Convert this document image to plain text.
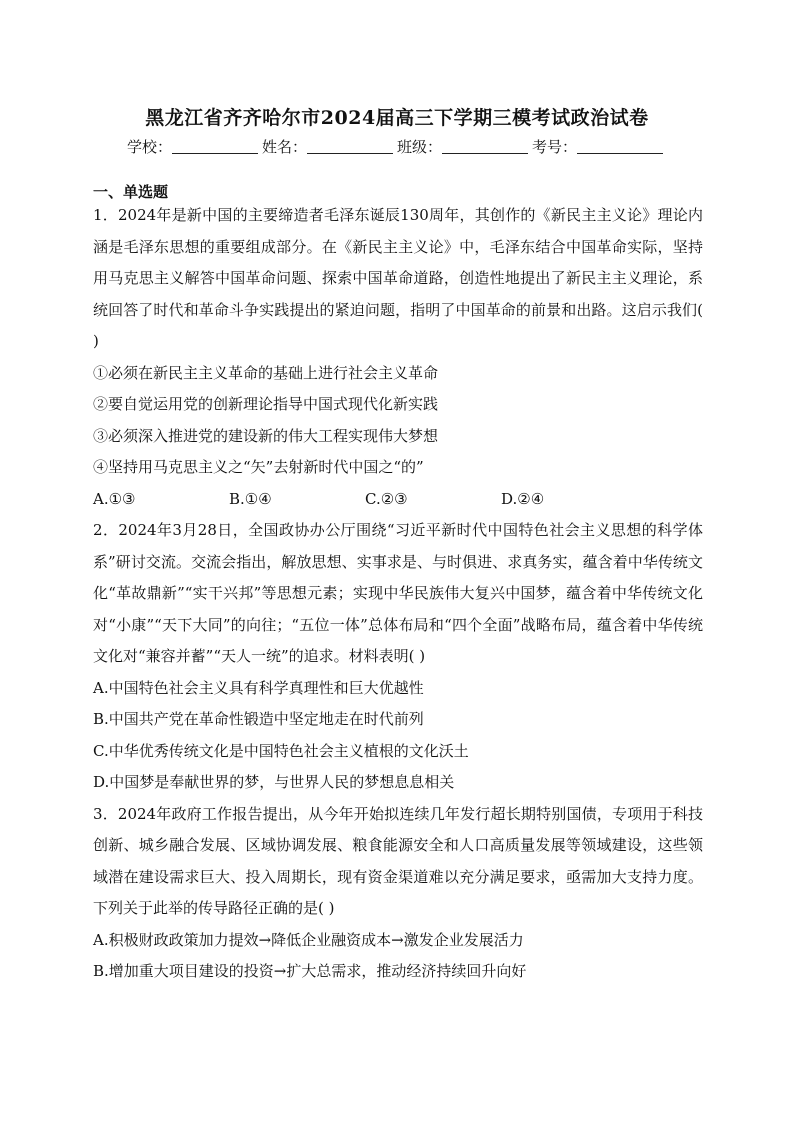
黑龙江省齐齐哈尔市2024届高三下学期三模考试政治试卷
学校：	姓名：	班级：	考号：
一、单选题

1．2024年是新中国的主要缔造者毛泽东诞辰130周年，其创作的《新民主主义论》理论内涵是毛泽东思想的重要组成部分。在《新民主主义论》中，毛泽东结合中国革命实际，坚持用马克思主义解答中国革命问题、探索中国革命道路，创造性地提出了新民主主义理论，系统回答了时代和革命斗争实践提出的紧迫问题，指明了中国革命的前景和出路。这启示我们( )

①必须在新民主主义革命的基础上进行社会主义革命

②要自觉运用党的创新理论指导中国式现代化新实践

③必须深入推进党的建设新的伟大工程实现伟大梦想

④坚持用马克思主义之“矢”去射新时代中国之“的”

A.①③	B.①④	C.②③	D.②④

2．2024年3月28日，全国政协办公厅围绕“习近平新时代中国特色社会主义思想的科学体系”研讨交流。交流会指出，解放思想、实事求是、与时俱进、求真务实，蕴含着中华传统文化“革故鼎新”“实干兴邦”等思想元素；实现中华民族伟大复兴中国梦，蕴含着中华传统文化对“小康”“天下大同”的向往；“五位一体”总体布局和“四个全面”战略布局，蕴含着中华传统文化对“兼容并蓄”“天人一统”的追求。材料表明( )

A.中国特色社会主义具有科学真理性和巨大优越性

B.中国共产党在革命性锻造中坚定地走在时代前列

C.中华优秀传统文化是中国特色社会主义植根的文化沃土

D.中国梦是奉献世界的梦，与世界人民的梦想息息相关

3．2024年政府工作报告提出，从今年开始拟连续几年发行超长期特别国债，专项用于科技创新、城乡融合发展、区域协调发展、粮食能源安全和人口高质量发展等领域建设，这些领域潜在建设需求巨大、投入周期长，现有资金渠道难以充分满足要求，亟需加大支持力度。下列关于此举的传导路径正确的是( )

A.积极财政政策加力提效→降低企业融资成本→激发企业发展活力

B.增加重大项目建设的投资→扩大总需求，推动经济持续回升向好
